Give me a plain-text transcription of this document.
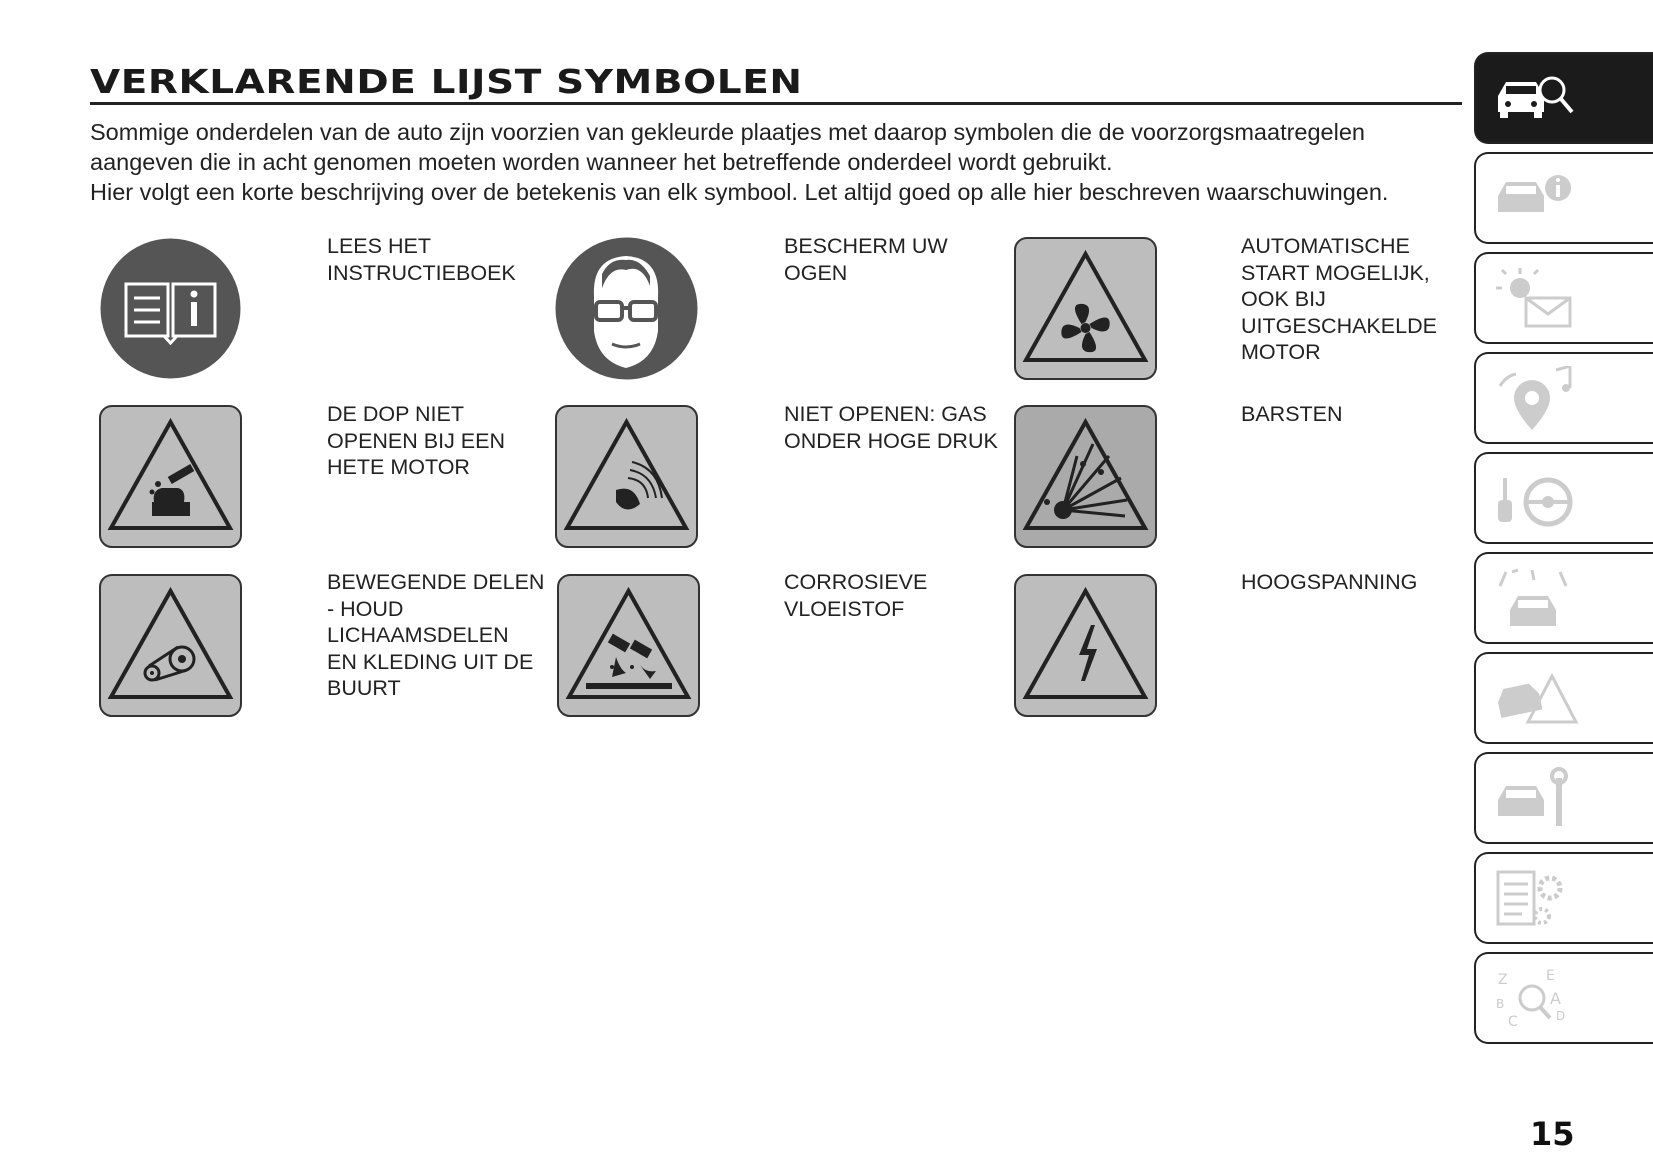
VERKLARENDE LIJST SYMBOLEN

Sommige onderdelen van de auto zijn voorzien van gekleurde plaatjes met daarop symbolen die de voorzorgsmaatregelen aangeven die in acht genomen moeten worden wanneer het betreffende onderdeel wordt gebruikt.

Hier volgt een korte beschrijving over de betekenis van elk symbool. Let altijd goed op alle hier beschreven waarschuwingen.

LEES HET
INSTRUCTIEBOEK
BESCHERM UW
OGEN
AUTOMATISCHE
START MOGELIJK,
OOK BIJ
UITGESCHAKELDE
MOTOR
DE DOP NIET
OPENEN BIJ EEN
HETE MOTOR
NIET OPENEN: GAS
ONDER HOGE DRUK
BARSTEN
BEWEGENDE DELEN
- HOUD
LICHAAMSDELEN
EN KLEDING UIT DE
BUURT
CORROSIEVE
VLOEISTOF
HOOGSPANNING
Z	E
B	A
C	D
15
